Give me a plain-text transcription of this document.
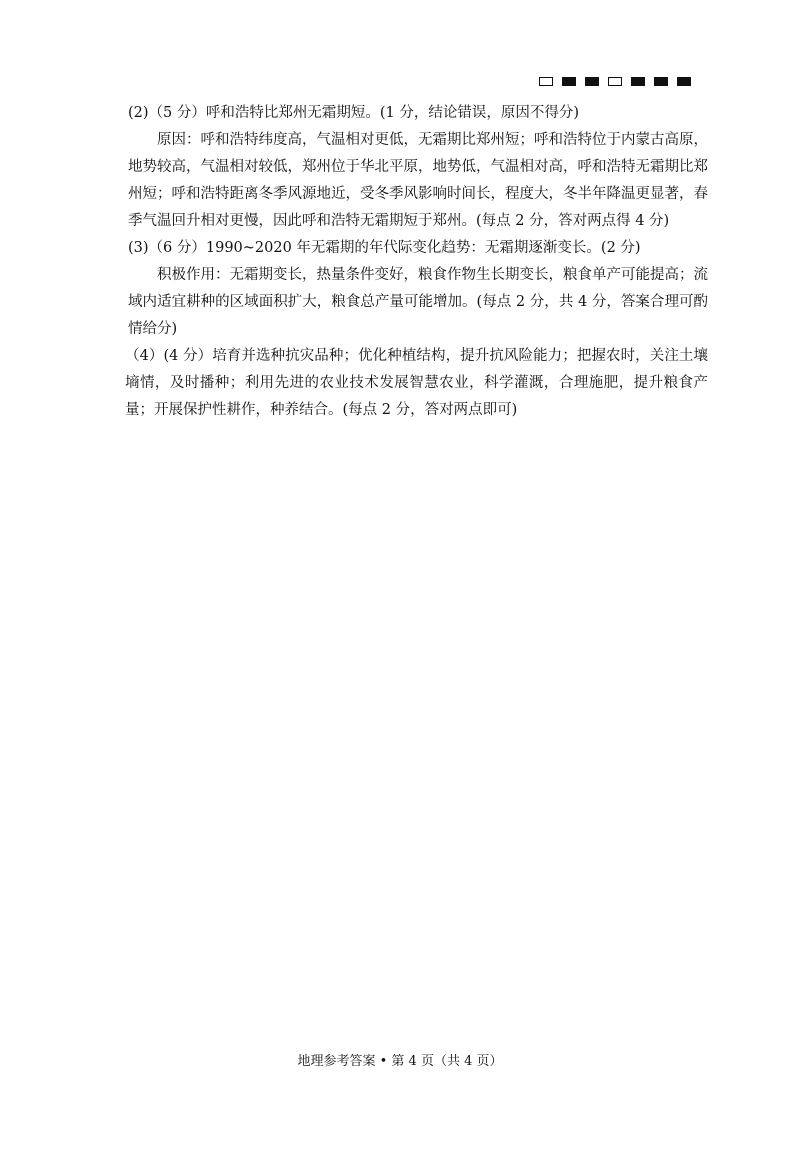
(2)（5 分）呼和浩特比郑州无霜期短。(1 分，结论错误，原因不得分)

原因：呼和浩特纬度高，气温相对更低，无霜期比郑州短；呼和浩特位于内蒙古高原，地势较高，气温相对较低，郑州位于华北平原，地势低，气温相对高，呼和浩特无霜期比郑州短；呼和浩特距离冬季风源地近，受冬季风影响时间长，程度大，冬半年降温更显著，春季气温回升相对更慢，因此呼和浩特无霜期短于郑州。(每点 2 分，答对两点得 4 分)

(3)（6 分）1990~2020 年无霜期的年代际变化趋势：无霜期逐渐变长。(2 分)

积极作用：无霜期变长，热量条件变好，粮食作物生长期变长，粮食单产可能提高；流域内适宜耕种的区域面积扩大，粮食总产量可能增加。(每点 2 分，共 4 分，答案合理可酌情给分)

（4）(4 分）培育并选种抗灾品种；优化种植结构，提升抗风险能力；把握农时，关注土壤墒情，及时播种；利用先进的农业技术发展智慧农业，科学灌溉，合理施肥，提升粮食产量；开展保护性耕作，种养结合。(每点 2 分，答对两点即可)

地理参考答案 • 第 4 页（共 4 页）
